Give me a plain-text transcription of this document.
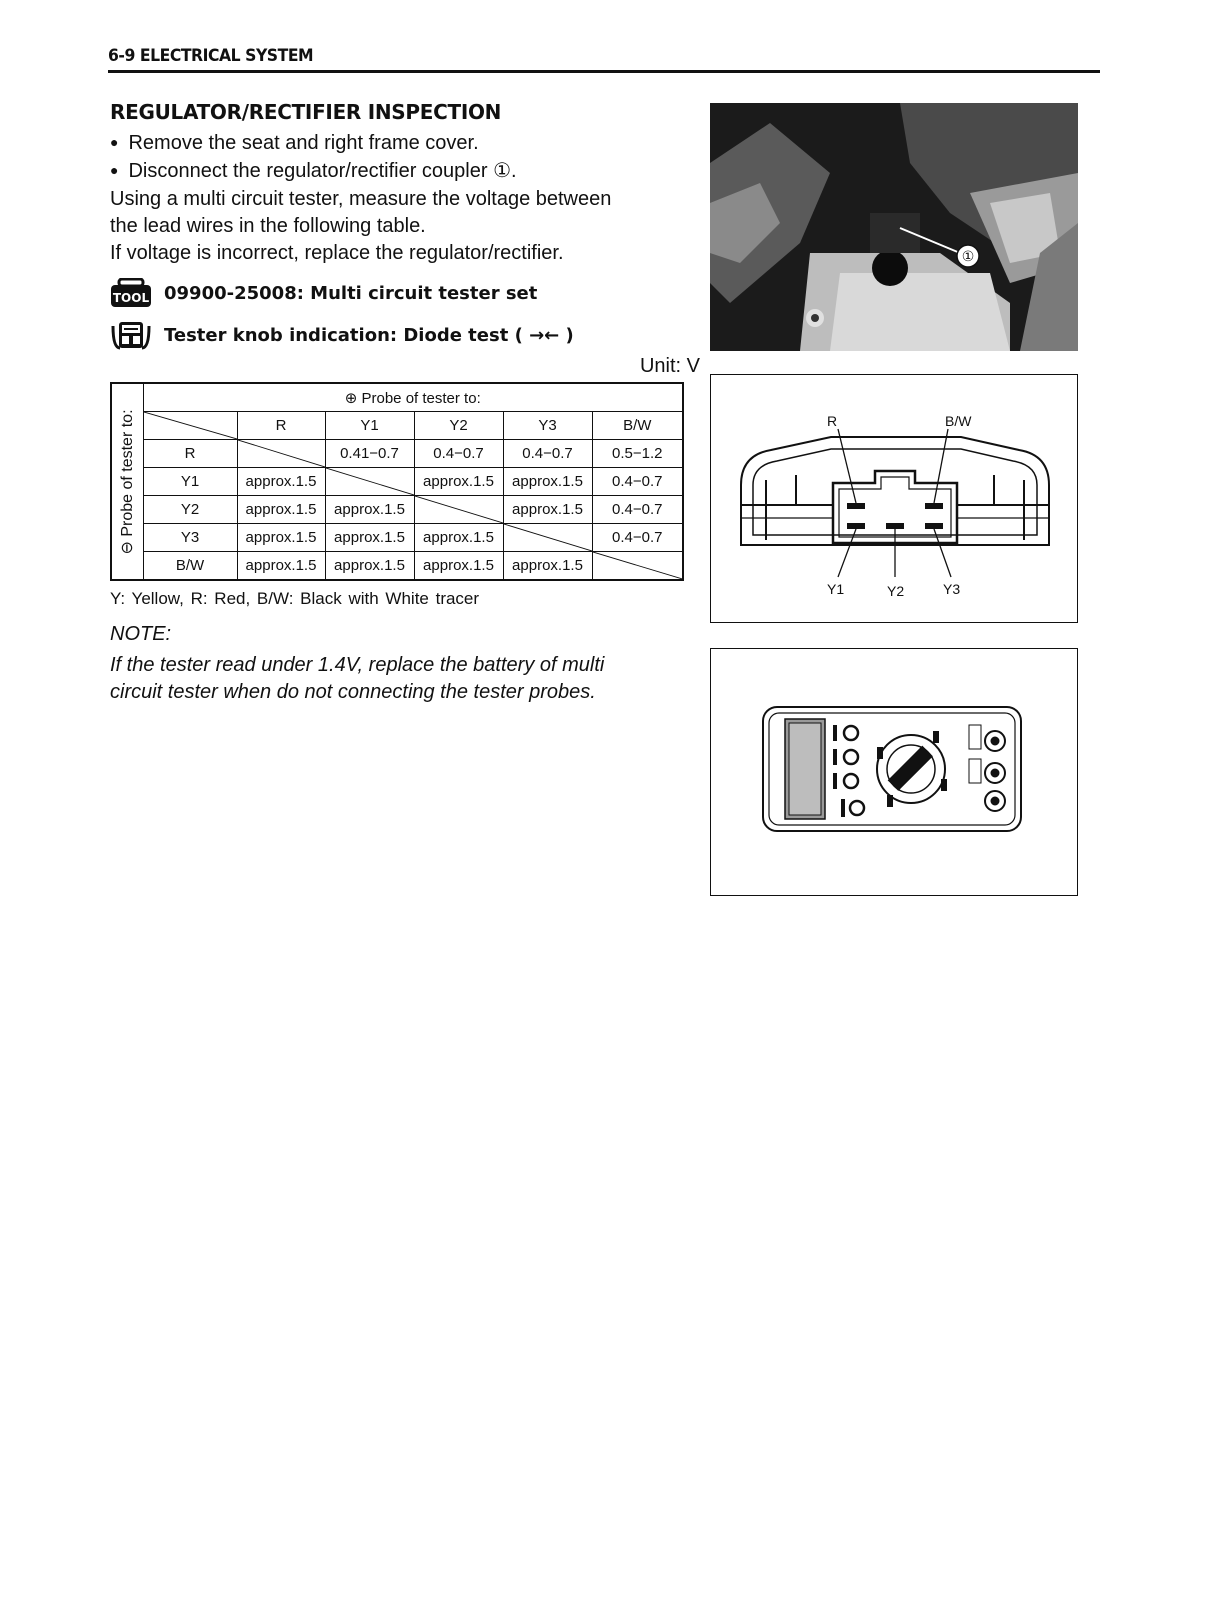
6-9 ELECTRICAL SYSTEM
REGULATOR/RECTIFIER INSPECTION

● Remove the seat and right frame cover.

● Disconnect the regulator/rectifier coupler ①.

Using a multi circuit tester, measure the voltage between

the lead wires in the following table.

If voltage is incorrect, replace the regulator/rectifier.

TOOL 09900-25008: Multi circuit tester set
Tester knob indication: Diode test ( →← )
Unit: V
⊖ Probe of tester to:	⊕ Probe of tester to:					

	R	Y1	Y2	Y3	B/W
	R		0.41−0.7	0.4−0.7	0.4−0.7	0.5−1.2
	Y1	approx.1.5		approx.1.5	approx.1.5	0.4−0.7
	Y2	approx.1.5	approx.1.5		approx.1.5	0.4−0.7
	Y3	approx.1.5	approx.1.5	approx.1.5		0.4−0.7
	B/W	approx.1.5	approx.1.5	approx.1.5	approx.1.5	
Y: Yellow, R: Red, B/W: Black with White tracer
NOTE:
If the tester read under 1.4V, replace the battery of multi
circuit tester when do not connecting the tester probes.
①
R	B/W
Y1	Y2	Y3
